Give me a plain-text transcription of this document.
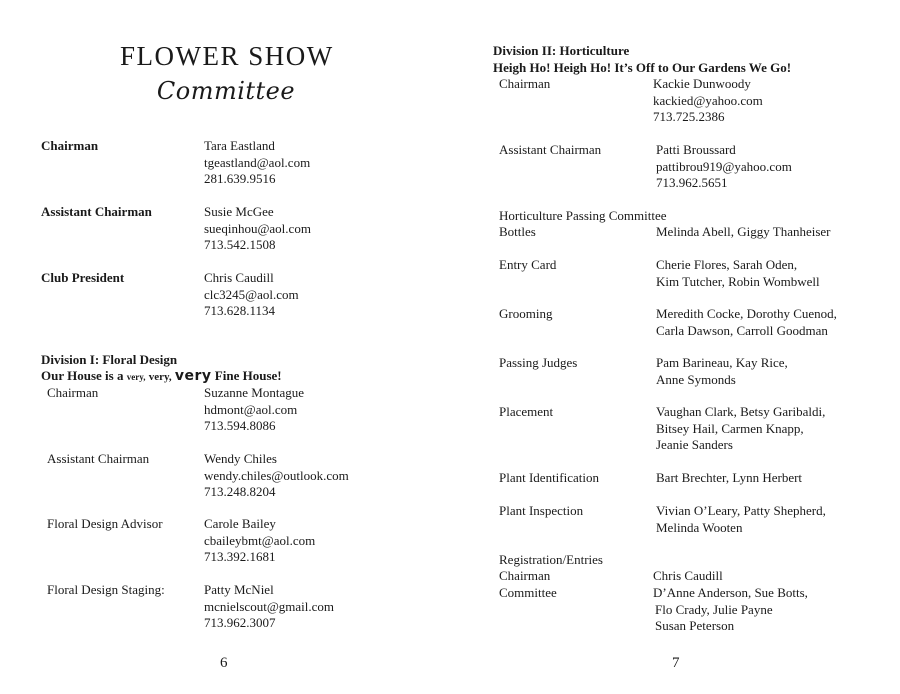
FLOWER SHOW
Committee
Chairman	Tara Eastland
tgeastland@aol.com
281.639.9516
Assistant Chairman	Susie McGee
sueqinhou@aol.com
713.542.1508
Club President	Chris Caudill
clc3245@aol.com
713.628.1134
Division I: Floral Design
Our House is a very, very, very Fine House!
Chairman	Suzanne Montague
hdmont@aol.com
713.594.8086
Assistant Chairman	Wendy Chiles
wendy.chiles@outlook.com
713.248.8204
Floral Design Advisor	Carole Bailey
cbaileybmt@aol.com
713.392.1681
Floral Design Staging:	Patty McNiel
mcnielscout@gmail.com
713.962.3007
6
Division II: Horticulture
Heigh Ho! Heigh Ho! It’s Off to Our Gardens We Go!
Chairman	Kackie Dunwoody
kackied@yahoo.com
713.725.2386
Assistant Chairman	Patti Broussard
pattibrou919@yahoo.com
713.962.5651
Horticulture Passing Committee
Bottles	Melinda Abell, Giggy Thanheiser
Entry Card	Cherie Flores, Sarah Oden,
Kim Tutcher, Robin Wombwell
Grooming	Meredith Cocke, Dorothy Cuenod,
Carla Dawson, Carroll Goodman
Passing Judges	Pam Barineau, Kay Rice,
Anne Symonds
Placement	Vaughan Clark, Betsy Garibaldi,
Bitsey Hail, Carmen Knapp,
Jeanie Sanders
Plant Identification	Bart Brechter, Lynn Herbert
Plant Inspection	Vivian O’Leary, Patty Shepherd,
Melinda Wooten
Registration/Entries
Chairman	Chris Caudill
Committee	D’Anne Anderson, Sue Botts,
Flo Crady, Julie Payne
Susan Peterson
7
